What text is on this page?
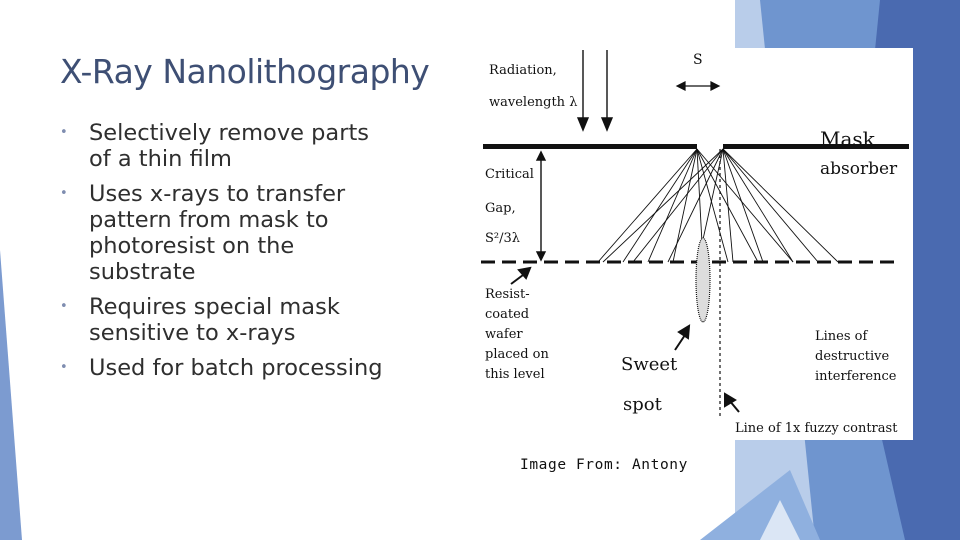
X-Ray Nanolithography
• Selectively remove parts of a thin film
• Uses x-rays to transfer pattern from mask to photoresist on the substrate
• Requires special mask sensitive to x-rays
• Used for batch processing
Radiation,
wavelength λ
S
Mask
absorber
Critical
Gap,
S²/3λ
Resist-
coated
wafer
placed on
this level	Sweet
spot
Lines of
destructive
interference
Line of 1x fuzzy contrast
Image From: Antony
